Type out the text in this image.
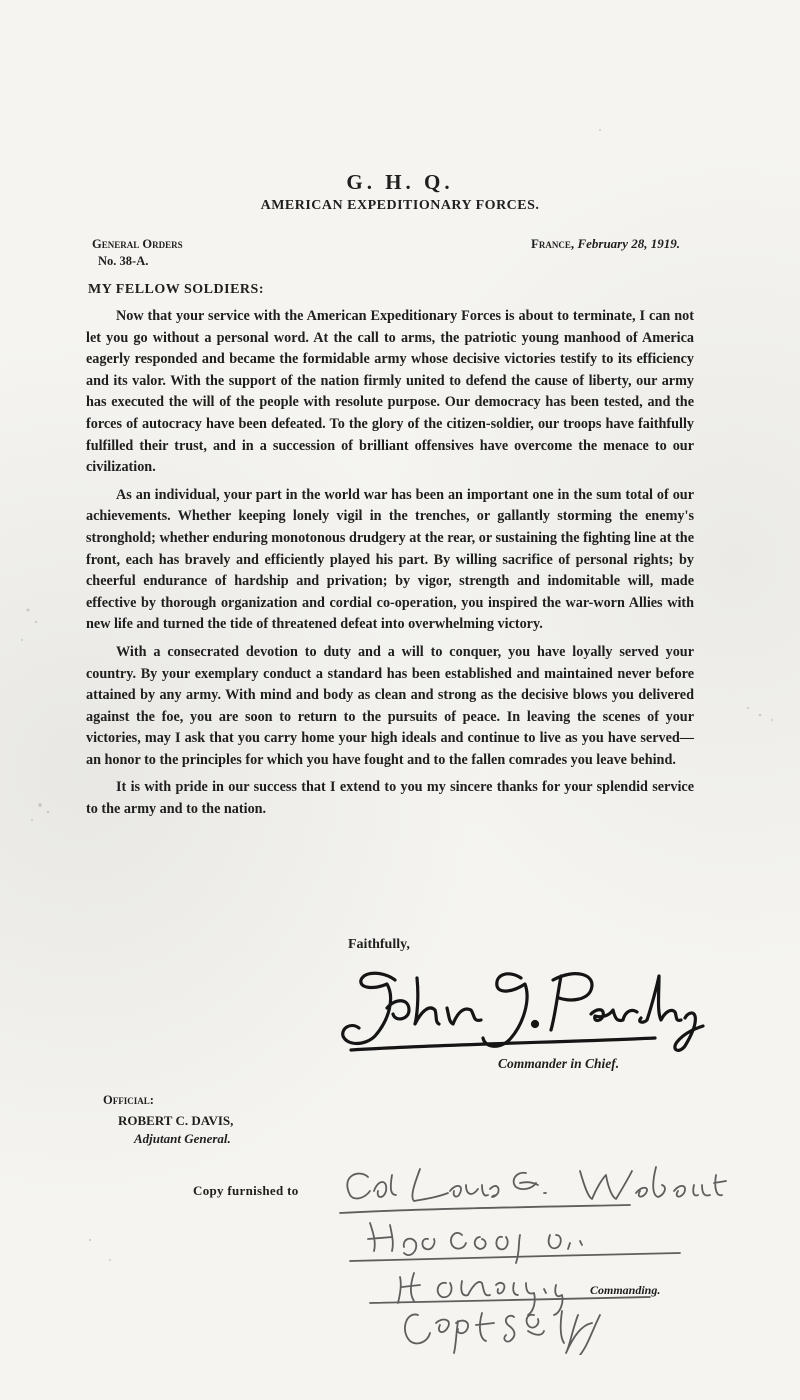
G. H. Q.
AMERICAN EXPEDITIONARY FORCES.
General Orders
No. 38-A.
France, February 28, 1919.
MY FELLOW SOLDIERS:

Now that your service with the American Expeditionary Forces is about to terminate, I can not let you go without a personal word. At the call to arms, the patriotic young manhood of America eagerly responded and became the formidable army whose decisive victories testify to its efficiency and its valor. With the support of the nation firmly united to defend the cause of liberty, our army has executed the will of the people with resolute purpose. Our democracy has been tested, and the forces of autocracy have been defeated. To the glory of the citizen-soldier, our troops have faithfully fulfilled their trust, and in a succession of brilliant offensives have overcome the menace to our civilization.

As an individual, your part in the world war has been an important one in the sum total of our achievements. Whether keeping lonely vigil in the trenches, or gallantly storming the enemy's stronghold; whether enduring monotonous drudgery at the rear, or sustaining the fighting line at the front, each has bravely and efficiently played his part. By willing sacrifice of personal rights; by cheerful endurance of hardship and privation; by vigor, strength and indomitable will, made effective by thorough organization and cordial co-operation, you inspired the war-worn Allies with new life and turned the tide of threatened defeat into overwhelming victory.

With a consecrated devotion to duty and a will to conquer, you have loyally served your country. By your exemplary conduct a standard has been established and maintained never before attained by any army. With mind and body as clean and strong as the decisive blows you delivered against the foe, you are soon to return to the pursuits of peace. In leaving the scenes of your victories, may I ask that you carry home your high ideals and continue to live as you have served—an honor to the principles for which you have fought and to the fallen comrades you leave behind.

It is with pride in our success that I extend to you my sincere thanks for your splendid service to the army and to the nation.

Faithfully,
Commander in Chief.
Official:
ROBERT C. DAVIS,
Adjutant General.
Copy furnished to
Commanding.
